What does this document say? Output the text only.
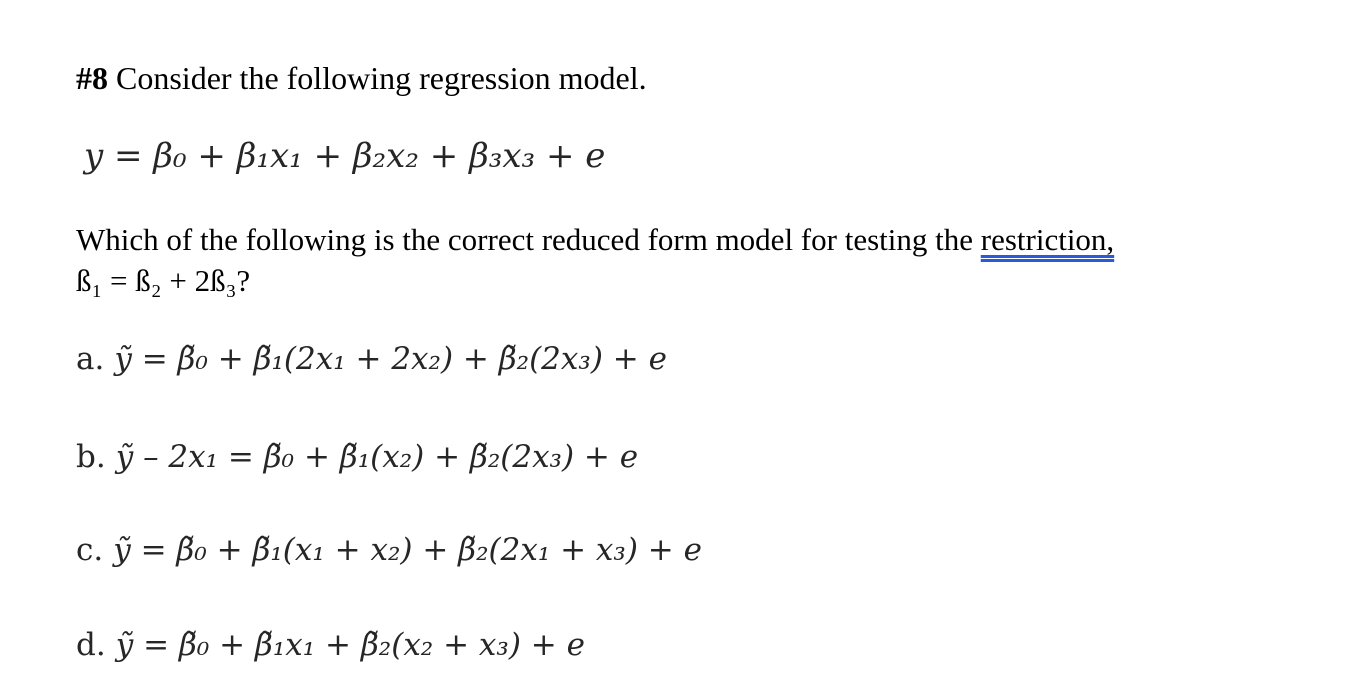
#8 Consider the following regression model.
y = β₀ + β₁x₁ + β₂x₂ + β₃x₃ + e
Which of the following is the correct reduced form model for testing the restriction,
ß₁ = ß₂ + 2ß₃?
a. ỹ = β̃₀ + β̃₁(2x₁ + 2x₂) + β̃₂(2x₃) + e
b. ỹ – 2x₁ = β̃₀ + β̃₁(x₂) + β̃₂(2x₃) + e
c. ỹ = β̃₀ + β̃₁(x₁ + x₂) + β̃₂(2x₁ + x₃) + e
d. ỹ = β̃₀ + β̃₁x₁ + β̃₂(x₂ + x₃) + e
